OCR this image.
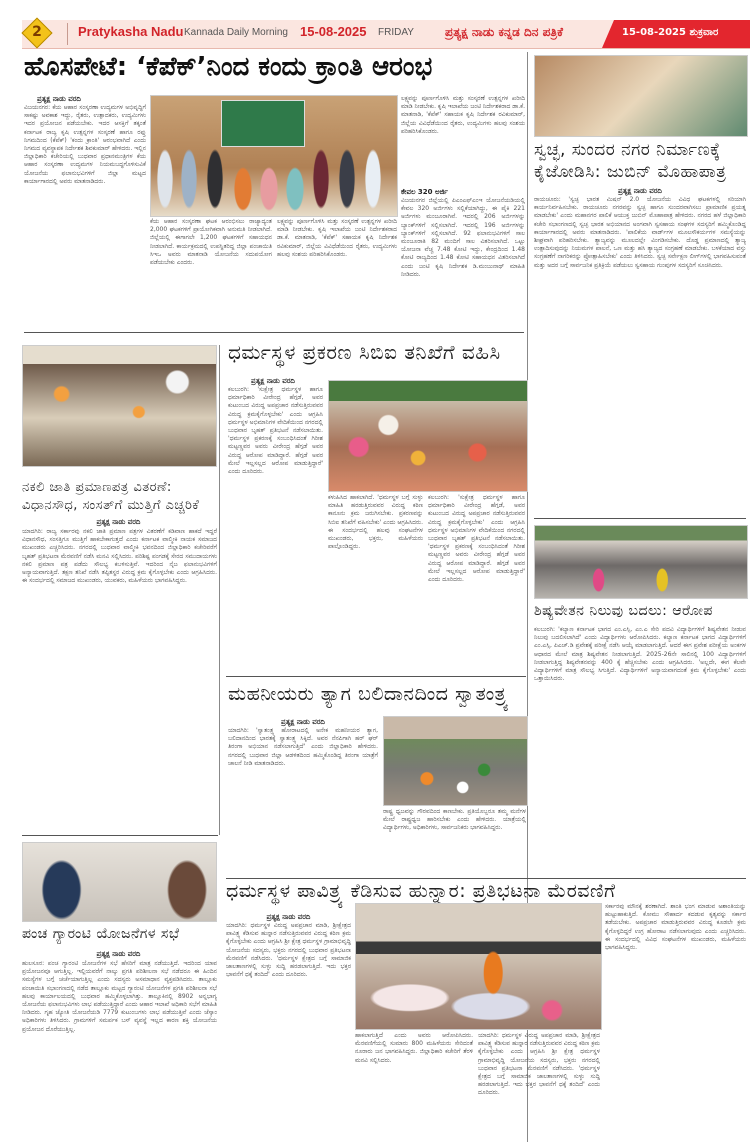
2	Pratykasha Nadu Kannada Daily Morning 15-08-2025 FRIDAY	ಪ್ರತ್ಯಕ್ಷ ನಾಡು ಕನ್ನಡ ದಿನ ಪತ್ರಿಕೆ	15-08-2025 ಶುಕ್ರವಾರ
ಹೊಸಪೇಟೆ: ‘ಕೆಪೆಕ್’ನಿಂದ ಕಂದು ಕ್ರಾಂತಿ ಆರಂಭ
ಪ್ರತ್ಯಕ್ಷ ನಾಡು ವರದಿ
ವಿಜಯನಗರ: ಕೆಯ ಆಹಾರ ಸಂಸ್ಕರಣಾ ಉದ್ಯಮಗಳ ಅಭಿವೃದ್ಧಿಗೆ ಸಾಕಷ್ಟು ಅವಕಾಶ ಇದ್ದು, ರೈತರು, ಉತ್ಪಾದಕರು, ಉದ್ಯಮಿಗಳು ಇದರ ಪ್ರಯೋಜನ ಪಡೆಯಬೇಕು. ಇದರ ಆಸಕ್ತಿಗೆ ತಕ್ಕಂತೆ ಕರ್ನಾಟಕ ರಾಜ್ಯ ಕೃಷಿ ಉತ್ಪನ್ನಗಳ ಸಂಸ್ಕರಣೆ ಹಾಗೂ ರಫ್ತು ನಿಗಮದಿಂದ (ಕೆಪೆಕ್) 'ಕಂದು ಕ್ರಾಂತಿ' ಆರಂಭವಾಗಿದೆ ಎಂದು ನಿಗಮದ ವ್ಯವಸ್ಥಾಪಕ ನಿರ್ದೇಶಕ ಶಿವಕುಮಾರ್ ಹೇಳಿದರು. ಇಲ್ಲಿನ ಜಿಲ್ಲಾಧಿಕಾರಿ ಕಚೇರಿಯಲ್ಲಿ ಬುಧವಾರ ಪ್ರಧಾನಮಂತ್ರಿಗಳ ಕೆಯ ಆಹಾರ ಸಂಸ್ಕರಣಾ ಉದ್ಯಮಗಳ ನಿಯಮಬದ್ಧಗೊಳಿಸುವಿಕೆ ಯೋಜನೆಯ ಫಲಾನುಭವಿಗಳಿಗೆ ಜಿಲ್ಲಾ ಮಟ್ಟದ ಕಾರ್ಯಾಗಾರದಲ್ಲಿ ಅವರು ಮಾತನಾಡಿದರು.
ಕೆಯ ಆಹಾರ ಸಂಸ್ಕರಣಾ ಘಟಕ ಆರಂಭಿಸಲು ರಾಜ್ಯಾದ್ಯಂತ 2,000 ಘಟಕಗಳಿಗೆ ಪ್ರಾಯೋಗಿಕವಾಗಿ ಅನುಮತಿ ನೀಡಲಾಗಿದೆ. ಜಿಲ್ಲೆಯಲ್ಲಿ ಈಗಾಗಲೇ 1,200 ಘಟಕಗಳಿಗೆ ಸಹಾಯಧನ ನೀಡಲಾಗಿದೆ. ಕಾರ್ಯಕ್ರಮದಲ್ಲಿ ಉಪಸ್ಥಿತರಿದ್ದ ಜಿಲ್ಲಾ ಪಂಚಾಯಿತಿ ಸಿಇಒ ಅವರು ಮಾತನಾಡಿ ಯೋಜನೆಯ ಸದುಪಯೋಗ ಪಡೆಯಬೇಕು ಎಂದರು.
ಲಕ್ಷ್ಯವನ್ನು ಪೂರ್ಣಗೊಳಿಸಿ ಮತ್ತು ಸಂಸ್ಕರಣೆ ಉತ್ಪನ್ನಗಳ ಖರೀದಿ ಮಾಡಿ ನೀಡಬೇಕು. ಕೃಷಿ ಇಲಾಖೆಯ ಜಂಟಿ ನಿರ್ದೇಶಕರಾದ ಡಾ.ಕೆ. ಮಾತನಾಡಿ, 'ಕೆಪೆಕ್' ಸಹಾಯಕ ಕೃಷಿ ನಿರ್ದೇಶಕ ರವಿಕುಮಾರ್, ಜಿಲ್ಲೆಯ ವಿವಿಧೆಡೆಯಿಂದ ರೈತರು, ಉದ್ಯಮಿಗಳು ಹಲವು ಸಂಶಯ ಪರಿಹರಿಸಿಕೊಂಡರು.
ಲಕ್ಷ್ಯವನ್ನು ಪೂರ್ಣಗೊಳಿಸಿ ಮತ್ತು ಸಂಸ್ಕರಣೆ ಉತ್ಪನ್ನಗಳ ಖರೀದಿ ಮಾಡಿ ನೀಡಬೇಕು. ಕೃಷಿ ಇಲಾಖೆಯ ಜಂಟಿ ನಿರ್ದೇಶಕರಾದ ಡಾ.ಕೆ. ಮಾತನಾಡಿ, 'ಕೆಪೆಕ್' ಸಹಾಯಕ ಕೃಷಿ ನಿರ್ದೇಶಕ ರವಿಕುಮಾರ್, ಜಿಲ್ಲೆಯ ವಿವಿಧೆಡೆಯಿಂದ ರೈತರು, ಉದ್ಯಮಿಗಳು ಹಲವು ಸಂಶಯ ಪರಿಹರಿಸಿಕೊಂಡರು.
ಕೇವಲ 320 ಅರ್ಜಿ
ವಿಜಯನಗರ ಜಿಲ್ಲೆಯಲ್ಲಿ ಪಿಎಂಎಫ್‌ಎಂಇ ಯೋಜನೆಯಡಿಯಲ್ಲಿ ಕೇವಲ 320 ಅರ್ಜಿಗಳು ಸಲ್ಲಿಕೆಯಾಗಿದ್ದು, ಈ ಪೈಕಿ 221 ಅರ್ಜಿಗಳು ಮಂಜೂರಾಗಿವೆ. ಇದರಲ್ಲಿ 206 ಅರ್ಜಿಗಳನ್ನು ಬ್ಯಾಂಕ್‌ಗಳಿಗೆ ಸಲ್ಲಿಸಲಾಗಿದೆ. ಇದರಲ್ಲಿ 196 ಅರ್ಜಿಗಳನ್ನು ಬ್ಯಾಂಕ್‌ಗಳಿಗೆ ಸಲ್ಲಿಸಲಾಗಿದೆ. 92 ಫಲಾನುಭವಿಗಳಿಗೆ ಸಾಲ ಮಂಜೂರಾತಿ 82 ಮಂದಿಗೆ ಸಾಲ ವಿತರಿಸಲಾಗಿದೆ. ಒಟ್ಟು ಯೋಜನಾ ವೆಚ್ಚ 7.48 ಕೋಟಿ ಇದ್ದು, ಕೇಂದ್ರದಿಂದ 1.48 ಕೋಟಿ ರಾಜ್ಯದಿಂದ 1.48 ಕೋಟಿ ಸಹಾಯಧನ ವಿತರಿಸಲಾಗಿದೆ ಎಂದು ಜಂಟಿ ಕೃಷಿ ನಿರ್ದೇಶಕ ಡಿ.ಮಂಜುನಾಥ್ ಮಾಹಿತಿ ನೀಡಿದರು.
ಸ್ವಚ್ಛ, ಸುಂದರ ನಗರ ನಿರ್ಮಾಣಕ್ಕೆ
ಕೈಜೋಡಿಸಿ: ಜುಬಿನ್ ಮೊಹಾಪಾತ್ರ
ಪ್ರತ್ಯಕ್ಷ ನಾಡು ವರದಿ
ರಾಯಚೂರು: 'ಸ್ವಚ್ಛ ಭಾರತ ಮಿಷನ್ 2.0 ಯೋಜನೆಯ ವಿವಿಧ ಘಟಕಗಳಲ್ಲಿ ಸರಿಯಾಗಿ ಕಾರ್ಯನಿರ್ವಹಿಸಬೇಕು. ರಾಯಚೂರು ನಗರವನ್ನು ಸ್ವಚ್ಛ ಹಾಗೂ ಸುಂದರವಾಗಿಸಲು ಪ್ರಾಮಾಣಿಕ ಪ್ರಯತ್ನ ಮಾಡಬೇಕು' ಎಂದು ಮಹಾನಗರ ಪಾಲಿಕೆ ಆಯುಕ್ತ ಜುಬಿನ್ ಮೊಹಾಪಾತ್ರ ಹೇಳಿದರು. ನಗರದ ಹಳೆ ಜಿಲ್ಲಾಧಿಕಾರಿ ಕಚೇರಿ ಸಭಾಂಗಣದಲ್ಲಿ ಸ್ವಚ್ಛ ಭಾರತ ಅಭಿಯಾನದ ಅಂಗವಾಗಿ ಸ್ವಸಹಾಯ ಸಂಘಗಳ ಸದಸ್ಯರಿಗೆ ಹಮ್ಮಿಕೊಂಡಿದ್ದ ಕಾರ್ಯಾಗಾರದಲ್ಲಿ ಅವರು ಮಾತನಾಡಿದರು. 'ಪಾಲಿಕೆಯ ವಾರ್ಡ್‌ಗಳ ಮೂಲಸೌಕರ್ಯಗಳ ಸಮಸ್ಯೆಯನ್ನು ಶೀಘ್ರವಾಗಿ ಪರಿಹರಿಸಬೇಕು. ತ್ಯಾಜ್ಯವನ್ನು ಮೂಲದಲ್ಲೇ ವಿಂಗಡಿಸಬೇಕು. ದೊಡ್ಡ ಪ್ರಮಾಣದಲ್ಲಿ ತ್ಯಾಜ್ಯ ಉತ್ಪಾದಿಸುವುದನ್ನು ನಿಯಮಗಳ ಪಾಲನೆ, ಒಣ ಮತ್ತು ಹಸಿ ತ್ಯಾಜ್ಯದ ಸಂಗ್ರಹಣೆ ಮಾಡಬೇಕು. ಬಳಕೆಯಾದ ವಸ್ತು ಸಂಗ್ರಹಣೆಗೆ ನಾಗರಿಕರನ್ನು ಪ್ರೋತ್ಸಾಹಿಸಬೇಕು' ಎಂದು ತಿಳಿಸಿದರು. ಸ್ವಚ್ಛ ಸರ್ವೇಕ್ಷಣ ಲೀಗ್‌ಗಳಲ್ಲಿ ಭಾಗವಹಿಸುವಂತೆ ಮತ್ತು ಅದರ ಬಗ್ಗೆ ಸಾರ್ವಜನಿಕ ಪ್ರತಿಕ್ರಿಯೆ ಪಡೆಯಲು ಸ್ವಸಹಾಯ ಗುಂಪುಗಳ ಸದಸ್ಯರಿಗೆ ಸೂಚಿಸಿದರು.
ನಕಲಿ ಜಾತಿ ಪ್ರಮಾಣಪತ್ರ ವಿತರಣೆ:
ವಿಧಾನಸೌಧ, ಸಂಸತ್‌ಗೆ ಮುತ್ತಿಗೆ ಎಚ್ಚರಿಕೆ
ಪ್ರತ್ಯಕ್ಷ ನಾಡು ವರದಿ
ಯಾದಗಿರಿ: ರಾಜ್ಯ ಸರ್ಕಾರವು ನಕಲಿ ಜಾತಿ ಪ್ರಮಾಣ ಪತ್ರಗಳ ವಿತರಣೆಗೆ ಕಡಿವಾಣ ಹಾಕದೆ ಇದ್ದರೆ ವಿಧಾನಸೌಧ, ಸಂಸತ್ತಿಗೂ ಮುತ್ತಿಗೆ ಹಾಕಬೇಕಾಗುತ್ತದೆ ಎಂದು ಕರ್ನಾಟಕ ವಾಲ್ಮೀಕಿ ನಾಯಕ ಸಮಾಜದ ಮುಖಂಡರು ಎಚ್ಚರಿಸಿದರು. ನಗರದಲ್ಲಿ ಬುಧವಾರ ವಾಲ್ಮೀಕಿ ಭವನದಿಂದ ಜಿಲ್ಲಾಧಿಕಾರಿ ಕಚೇರಿವರೆಗೆ ಬೃಹತ್ ಪ್ರತಿಭಟನಾ ಮೆರವಣಿಗೆ ನಡೆಸಿ ಮನವಿ ಸಲ್ಲಿಸಿದರು. ಪರಿಶಿಷ್ಟ ಪಂಗಡಕ್ಕೆ ಸೇರದ ಸಮುದಾಯಗಳು ನಕಲಿ ಪ್ರಮಾಣ ಪತ್ರ ಪಡೆದು ಸೌಲಭ್ಯ ಕಬಳಿಸುತ್ತಿವೆ. ಇದರಿಂದ ನೈಜ ಫಲಾನುಭವಿಗಳಿಗೆ ಅನ್ಯಾಯವಾಗುತ್ತಿದೆ. ತಕ್ಷಣ ತನಿಖೆ ನಡೆಸಿ ತಪ್ಪಿತಸ್ಥರ ವಿರುದ್ಧ ಕ್ರಮ ಕೈಗೊಳ್ಳಬೇಕು ಎಂದು ಆಗ್ರಹಿಸಿದರು. ಈ ಸಂದರ್ಭದಲ್ಲಿ ಸಮಾಜದ ಮುಖಂಡರು, ಯುವಕರು, ಮಹಿಳೆಯರು ಭಾಗವಹಿಸಿದ್ದರು.
ಧರ್ಮಸ್ಥಳ ಪ್ರಕರಣ ಸಿಬಿಐ ತನಿಖೆಗೆ ವಹಿಸಿ
ಪ್ರತ್ಯಕ್ಷ ನಾಡು ವರದಿ
ಕಲಬುರಗಿ: 'ಸುಕ್ಷೇತ್ರ ಧರ್ಮಸ್ಥಳ ಹಾಗೂ ಧರ್ಮಾಧಿಕಾರಿ ವೀರೇಂದ್ರ ಹೆಗ್ಗಡೆ, ಅವರ ಕುಟುಂಬದ ವಿರುದ್ಧ ಅಪಪ್ರಚಾರ ನಡೆಸುತ್ತಿರುವವರ ವಿರುದ್ಧ ಕ್ರಮಕೈಗೊಳ್ಳಬೇಕು' ಎಂದು ಆಗ್ರಹಿಸಿ ಧರ್ಮಸ್ಥಳ ಅಭಿಮಾನಿಗಳ ವೇದಿಕೆಯಿಂದ ನಗರದಲ್ಲಿ ಬುಧವಾರ ಬೃಹತ್ ಪ್ರತಿಭಟನೆ ನಡೆಸಲಾಯಿತು. 'ಧರ್ಮಸ್ಥಳ ಪ್ರಕರಣಕ್ಕೆ ಸಂಬಂಧಿಸಿದಂತೆ ಗಿರೀಶ ಮಟ್ಟಣ್ಣವರ ಅವರು ವೀರೇಂದ್ರ ಹೆಗ್ಗಡೆ ಅವರ ವಿರುದ್ಧ ಆರೋಪ ಮಾಡಿದ್ದಾರೆ. ಹೆಗ್ಗಡೆ ಅವರ ಮೇಲೆ ಇಲ್ಲಸಲ್ಲದ ಆರೋಪ ಮಾಡುತ್ತಿದ್ದಾರೆ' ಎಂದು ದೂರಿದರು.
ಕಳುಹಿಸಿದ ಹಾಕಲಾಗಿದೆ. 'ಧರ್ಮಸ್ಥಳ ಬಗ್ಗೆ ಸುಳ್ಳು ಮಾಹಿತಿ ಹರಡುತ್ತಿರುವವರ ವಿರುದ್ಧ ಕಠಿಣ ಕಾನೂನು ಕ್ರಮ ಜರುಗಿಸಬೇಕು. ಪ್ರಕರಣವನ್ನು ಸಿಬಿಐ ತನಿಖೆಗೆ ವಹಿಸಬೇಕು' ಎಂದು ಆಗ್ರಹಿಸಿದರು. ಈ ಸಂದರ್ಭದಲ್ಲಿ ಹಲವು ಸಂಘಟನೆಗಳ ಮುಖಂಡರು, ಭಕ್ತರು, ಮಹಿಳೆಯರು ಪಾಲ್ಗೊಂಡಿದ್ದರು.
ಕಲಬುರಗಿ: 'ಸುಕ್ಷೇತ್ರ ಧರ್ಮಸ್ಥಳ ಹಾಗೂ ಧರ್ಮಾಧಿಕಾರಿ ವೀರೇಂದ್ರ ಹೆಗ್ಗಡೆ, ಅವರ ಕುಟುಂಬದ ವಿರುದ್ಧ ಅಪಪ್ರಚಾರ ನಡೆಸುತ್ತಿರುವವರ ವಿರುದ್ಧ ಕ್ರಮಕೈಗೊಳ್ಳಬೇಕು' ಎಂದು ಆಗ್ರಹಿಸಿ ಧರ್ಮಸ್ಥಳ ಅಭಿಮಾನಿಗಳ ವೇದಿಕೆಯಿಂದ ನಗರದಲ್ಲಿ ಬುಧವಾರ ಬೃಹತ್ ಪ್ರತಿಭಟನೆ ನಡೆಸಲಾಯಿತು. 'ಧರ್ಮಸ್ಥಳ ಪ್ರಕರಣಕ್ಕೆ ಸಂಬಂಧಿಸಿದಂತೆ ಗಿರೀಶ ಮಟ್ಟಣ್ಣವರ ಅವರು ವೀರೇಂದ್ರ ಹೆಗ್ಗಡೆ ಅವರ ವಿರುದ್ಧ ಆರೋಪ ಮಾಡಿದ್ದಾರೆ. ಹೆಗ್ಗಡೆ ಅವರ ಮೇಲೆ ಇಲ್ಲಸಲ್ಲದ ಆರೋಪ ಮಾಡುತ್ತಿದ್ದಾರೆ' ಎಂದು ದೂರಿದರು.
ಶಿಷ್ಯವೇತನ ನಿಲುವು ಬದಲು: ಆರೋಪ
ಕಲಬುರಗಿ: 'ಕಲ್ಯಾಣ ಕರ್ನಾಟಕ ಭಾಗದ ಎಂ.ಎಸ್ಸಿ, ಎಂ.ಎ ಸೇರಿ ಪದವಿ ವಿದ್ಯಾರ್ಥಿಗಳಿಗೆ ಶಿಷ್ಯವೇತನ ನೀಡುವ ನಿಲುವು ಬದಲಿಸಲಾಗಿದೆ' ಎಂದು ವಿದ್ಯಾರ್ಥಿಗಳು ಆರೋಪಿಸಿದರು. ಕಲ್ಯಾಣ ಕರ್ನಾಟಕ ಭಾಗದ ವಿದ್ಯಾರ್ಥಿಗಳಿಗೆ ಎಂ.ಎಸ್ಸಿ, ಪಿಎಚ್.ಡಿ ಪ್ರವೇಶಕ್ಕೆ ಪರೀಕ್ಷೆ ನಡೆಸಿ ಆಯ್ಕೆ ಮಾಡಲಾಗುತ್ತಿದೆ. ಆದರೆ ಈಗ ಪ್ರವೇಶ ಪರೀಕ್ಷೆಯ ಅಂಕಗಳ ಆಧಾರದ ಮೇಲೆ ಮಾತ್ರ ಶಿಷ್ಯವೇತನ ನೀಡಲಾಗುತ್ತಿದೆ. 2025-26ನೇ ಸಾಲಿನಲ್ಲಿ 100 ವಿದ್ಯಾರ್ಥಿಗಳಿಗೆ ನೀಡಲಾಗುತ್ತಿದ್ದ ಶಿಷ್ಯವೇತನವನ್ನು 400 ಕ್ಕೆ ಹೆಚ್ಚಿಸಬೇಕು ಎಂದು ಆಗ್ರಹಿಸಿದರು. 'ಅಲ್ಲದೇ, ಈಗ ಕೆಲವೇ ವಿದ್ಯಾರ್ಥಿಗಳಿಗೆ ಮಾತ್ರ ಸೌಲಭ್ಯ ಸಿಗುತ್ತಿದೆ. ವಿದ್ಯಾರ್ಥಿಗಳಿಗೆ ಅನ್ಯಾಯವಾಗದಂತೆ ಕ್ರಮ ಕೈಗೊಳ್ಳಬೇಕು' ಎಂದು ಒತ್ತಾಯಿಸಿದರು.
ಮಹನೀಯರು ತ್ಯಾಗ ಬಲಿದಾನದಿಂದ ಸ್ವಾತಂತ್ರ್ಯ
ಪ್ರತ್ಯಕ್ಷ ನಾಡು ವರದಿ
ಯಾದಗಿರಿ: 'ಸ್ವಾತಂತ್ರ್ಯ ಹೋರಾಟದಲ್ಲಿ ಅನೇಕ ಮಹನೀಯರ ತ್ಯಾಗ, ಬಲಿದಾನದಿಂದ ಭಾರತಕ್ಕೆ ಸ್ವಾತಂತ್ರ್ಯ ಸಿಕ್ಕಿದೆ. ಅವರ ನೆನಪಿಗಾಗಿ ಹರ್ ಘರ್ ತಿರಂಗಾ ಅಭಿಯಾನ ನಡೆಸಲಾಗುತ್ತಿದೆ' ಎಂದು ಜಿಲ್ಲಾಧಿಕಾರಿ ಹೇಳಿದರು. ನಗರದಲ್ಲಿ ಬುಧವಾರ ಜಿಲ್ಲಾ ಆಡಳಿತದಿಂದ ಹಮ್ಮಿಕೊಂಡಿದ್ದ ತಿರಂಗಾ ಯಾತ್ರೆಗೆ ಚಾಲನೆ ನೀಡಿ ಮಾತನಾಡಿದರು.
ರಾಷ್ಟ್ರ ಧ್ವಜವನ್ನು ಗೌರವದಿಂದ ಕಾಣಬೇಕು. ಪ್ರತಿಯೊಬ್ಬರೂ ತಮ್ಮ ಮನೆಗಳ ಮೇಲೆ ರಾಷ್ಟ್ರಧ್ವಜ ಹಾರಿಸಬೇಕು ಎಂದು ಹೇಳಿದರು. ಯಾತ್ರೆಯಲ್ಲಿ ವಿದ್ಯಾರ್ಥಿಗಳು, ಅಧಿಕಾರಿಗಳು, ಸಾರ್ವಜನಿಕರು ಭಾಗವಹಿಸಿದ್ದರು.
ಪಂಚ ಗ್ಯಾರಂಟಿ ಯೋಜನೆಗಳ ಸಭೆ
ಪ್ರತ್ಯಕ್ಷ ನಾಡು ವರದಿ
ಹುಲಸೂರ: ಪಂಚ ಗ್ಯಾರಂಟಿ ಯೋಜನೆಗಳ ಸಭೆ ಹೆಸರಿಗೆ ಮಾತ್ರ ನಡೆಯುತ್ತಿದೆ. ಇದರಿಂದ ಯಾವ ಪ್ರಯೋಜನವೂ ಆಗುತ್ತಿಲ್ಲ. ಇಲ್ಲಿಯವರೆಗೆ ನಾಲ್ಕು ಪ್ರಗತಿ ಪರಿಶೀಲನಾ ಸಭೆ ನಡೆದರೂ ಈ ಹಿಂದಿನ ಸಮಸ್ಯೆಗಳ ಬಗ್ಗೆ ಚರ್ಚೆಯಾಗುತ್ತಿಲ್ಲ ಎಂದು ಸದಸ್ಯರು ಅಸಮಾಧಾನ ವ್ಯಕ್ತಪಡಿಸಿದರು. ತಾಲ್ಲೂಕು ಪಂಚಾಯಿತಿ ಸಭಾಂಗಣದಲ್ಲಿ ನಡೆದ ತಾಲ್ಲೂಕು ಮಟ್ಟದ ಗ್ಯಾರಂಟಿ ಯೋಜನೆಗಳ ಪ್ರಗತಿ ಪರಿಶೀಲನಾ ಸಭೆ ಹಲವು ಕಾರ್ಯಾಲಯದಲ್ಲಿ ಬುಧವಾರ ಹಮ್ಮಿಕೊಳ್ಳಲಾಗಿತ್ತು. ತಾಲ್ಲೂಕಿನಲ್ಲಿ 8902 ಅನ್ನಭಾಗ್ಯ ಯೋಜನೆಯ ಫಲಾನುಭವಿಗಳು ಲಾಭ ಪಡೆಯುತ್ತಿದ್ದಾರೆ ಎಂದು ಆಹಾರ ಇಲಾಖೆ ಅಧಿಕಾರಿ ಸಭೆಗೆ ಮಾಹಿತಿ ನೀಡಿದರು. ಗೃಹ ಜ್ಯೋತಿ ಯೋಜನೆಯಡಿ 7779 ಕುಟುಂಬಗಳು ಲಾಭ ಪಡೆಯುತ್ತಿವೆ ಎಂದು ಜೆಸ್ಕಾಂ ಅಧಿಕಾರಿಗಳು ತಿಳಿಸಿದರು. ಗ್ರಾಮಗಳಿಗೆ ಸಮರ್ಪಕ ಬಸ್ ವ್ಯವಸ್ಥೆ ಇಲ್ಲದ ಕಾರಣ ಶಕ್ತಿ ಯೋಜನೆಯ ಪ್ರಯೋಜನ ದೊರೆಯುತ್ತಿಲ್ಲ.
ಧರ್ಮಸ್ಥಳ ಪಾವಿತ್ರ್ಯ ಕೆಡಿಸುವ ಹುನ್ನಾರ: ಪ್ರತಿಭಟನಾ ಮೆರವಣಿಗೆ
ಪ್ರತ್ಯಕ್ಷ ನಾಡು ವರದಿ
ಯಾದಗಿರಿ: ಧರ್ಮಸ್ಥಳ ವಿರುದ್ಧ ಅಪಪ್ರಚಾರ ಮಾಡಿ, ಶ್ರೀಕ್ಷೇತ್ರದ ಪಾವಿತ್ರ್ಯ ಕೆಡಿಸುವ ಹುನ್ನಾರ ನಡೆಸುತ್ತಿರುವವರ ವಿರುದ್ಧ ಕಠಿಣ ಕ್ರಮ ಕೈಗೊಳ್ಳಬೇಕು ಎಂದು ಆಗ್ರಹಿಸಿ ಶ್ರೀ ಕ್ಷೇತ್ರ ಧರ್ಮಸ್ಥಳ ಗ್ರಾಮಾಭಿವೃದ್ಧಿ ಯೋಜನೆಯ ಸದಸ್ಯರು, ಭಕ್ತರು ನಗರದಲ್ಲಿ ಬುಧವಾರ ಪ್ರತಿಭಟನಾ ಮೆರವಣಿಗೆ ನಡೆಸಿದರು. 'ಧರ್ಮಸ್ಥಳ ಕ್ಷೇತ್ರದ ಬಗ್ಗೆ ಸಾಮಾಜಿಕ ಜಾಲತಾಣಗಳಲ್ಲಿ ಸುಳ್ಳು ಸುದ್ದಿ ಹರಡಲಾಗುತ್ತಿದೆ. ಇದು ಭಕ್ತರ ಭಾವನೆಗೆ ಧಕ್ಕೆ ತಂದಿದೆ' ಎಂದು ದೂರಿದರು.
ಹಾಕಲಾಗುತ್ತಿದೆ ಎಂದು ಅವರು ಆರೋಪಿಸಿದರು. ಮೆರವಣಿಗೆಯಲ್ಲಿ ಸುಮಾರು 800 ಮಹಿಳೆಯರು ಸೇರಿದಂತೆ ನೂರಾರು ಜನ ಭಾಗವಹಿಸಿದ್ದರು. ಜಿಲ್ಲಾಧಿಕಾರಿ ಕಚೇರಿಗೆ ತೆರಳಿ ಮನವಿ ಸಲ್ಲಿಸಿದರು.
ಯಾದಗಿರಿ: ಧರ್ಮಸ್ಥಳ ವಿರುದ್ಧ ಅಪಪ್ರಚಾರ ಮಾಡಿ, ಶ್ರೀಕ್ಷೇತ್ರದ ಪಾವಿತ್ರ್ಯ ಕೆಡಿಸುವ ಹುನ್ನಾರ ನಡೆಸುತ್ತಿರುವವರ ವಿರುದ್ಧ ಕಠಿಣ ಕ್ರಮ ಕೈಗೊಳ್ಳಬೇಕು ಎಂದು ಆಗ್ರಹಿಸಿ ಶ್ರೀ ಕ್ಷೇತ್ರ ಧರ್ಮಸ್ಥಳ ಗ್ರಾಮಾಭಿವೃದ್ಧಿ ಯೋಜನೆಯ ಸದಸ್ಯರು, ಭಕ್ತರು ನಗರದಲ್ಲಿ ಬುಧವಾರ ಪ್ರತಿಭಟನಾ ಮೆರವಣಿಗೆ ನಡೆಸಿದರು. 'ಧರ್ಮಸ್ಥಳ ಕ್ಷೇತ್ರದ ಬಗ್ಗೆ ಸಾಮಾಜಿಕ ಜಾಲತಾಣಗಳಲ್ಲಿ ಸುಳ್ಳು ಸುದ್ದಿ ಹರಡಲಾಗುತ್ತಿದೆ. ಇದು ಭಕ್ತರ ಭಾವನೆಗೆ ಧಕ್ಕೆ ತಂದಿದೆ' ಎಂದು ದೂರಿದರು.
ಸರ್ಕಾರವು ಮೌನಕ್ಕೆ ಶರಣಾಗಿದೆ. ಶಾಂತಿ ಭಂಗ ಮಾಡುವ ಅಶಾಂತಿಯನ್ನು ಹುಟ್ಟುಹಾಕುತ್ತಿದೆ. ಕೋಮು ಸೌಹಾರ್ದ ಕದಡುವ ಕೃತ್ಯವನ್ನು ಸರ್ಕಾರ ತಡೆಯಬೇಕು. ಅಪಪ್ರಚಾರ ಮಾಡುತ್ತಿರುವವರ ವಿರುದ್ಧ ಕೂಡಲೇ ಕ್ರಮ ಕೈಗೊಳ್ಳದಿದ್ದರೆ ಉಗ್ರ ಹೋರಾಟ ನಡೆಸಲಾಗುವುದು ಎಂದು ಎಚ್ಚರಿಸಿದರು. ಈ ಸಂದರ್ಭದಲ್ಲಿ ವಿವಿಧ ಸಂಘಟನೆಗಳ ಮುಖಂಡರು, ಮಹಿಳೆಯರು ಭಾಗವಹಿಸಿದ್ದರು.
